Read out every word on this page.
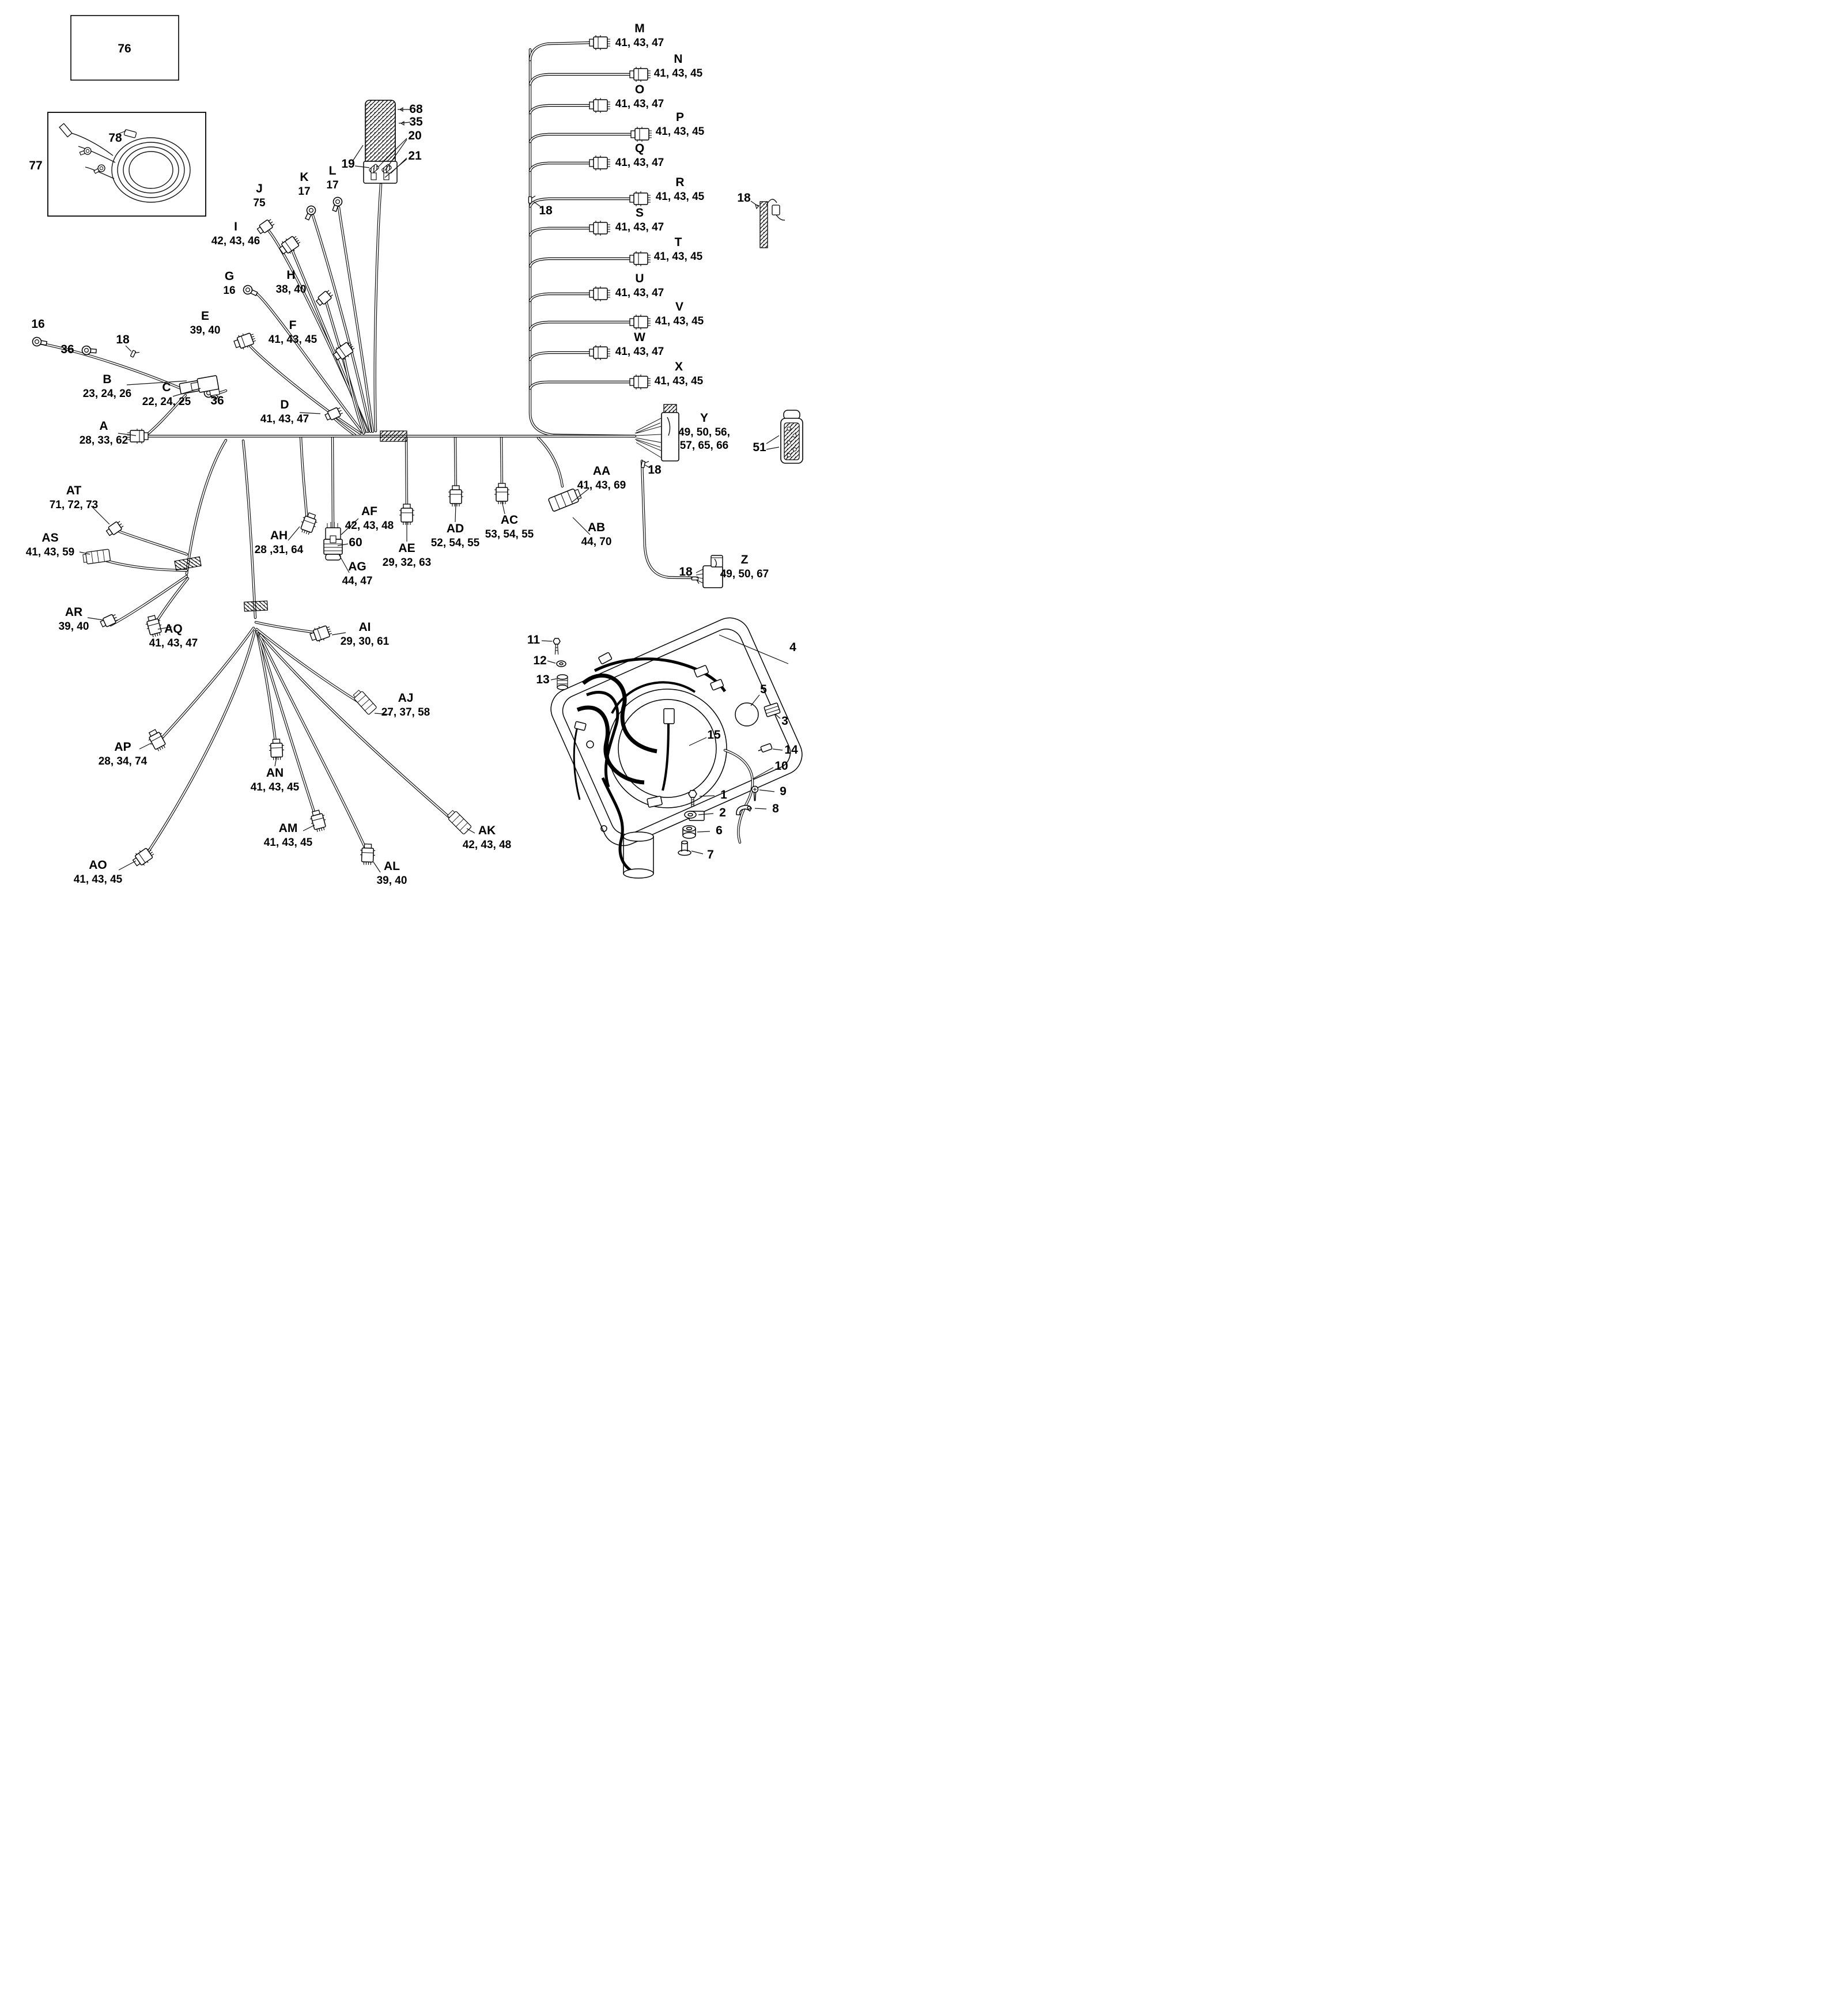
A
28, 33, 62
B
23, 24, 26	C
22, 24, 25	D
41, 43, 47
E
39, 40	F
41, 43, 45
G
16
H
38, 40
I
42, 43, 46
J
75
K
17
L
17
M
41, 43, 47
N
41, 43, 45
O
41, 43, 47
P
41, 43, 45
Q
41, 43, 47
R
41, 43, 45
S
41, 43, 47
T
41, 43, 45
U
41, 43, 47
V
41, 43, 45
W
41, 43, 47
X
41, 43, 45
Y
49, 50, 56,
57, 65, 66
Z
49, 50, 67
AA
41, 43, 69
AB
44, 70
AC
53, 54, 55
AD
52, 54, 55
AE
29, 32, 63
AF
42, 43, 48
AG
44, 47
AH
28 ,31, 64
AI
29, 30, 61
AJ
27, 37, 58
AK
42, 43, 48
AL
39, 40
AM
41, 43, 45
AN
41, 43, 45
AO
41, 43, 45
AP
28, 34, 74
AQ
41, 43, 47
AR
39, 40
AS
41, 43, 59
AT
71, 72, 73
76
77
78
68
35
20
19
21
16
36
18
36
18
18
18
18
51
60
11
12
13
4
5
3
15
14
10
1
2
6
7
9
8
